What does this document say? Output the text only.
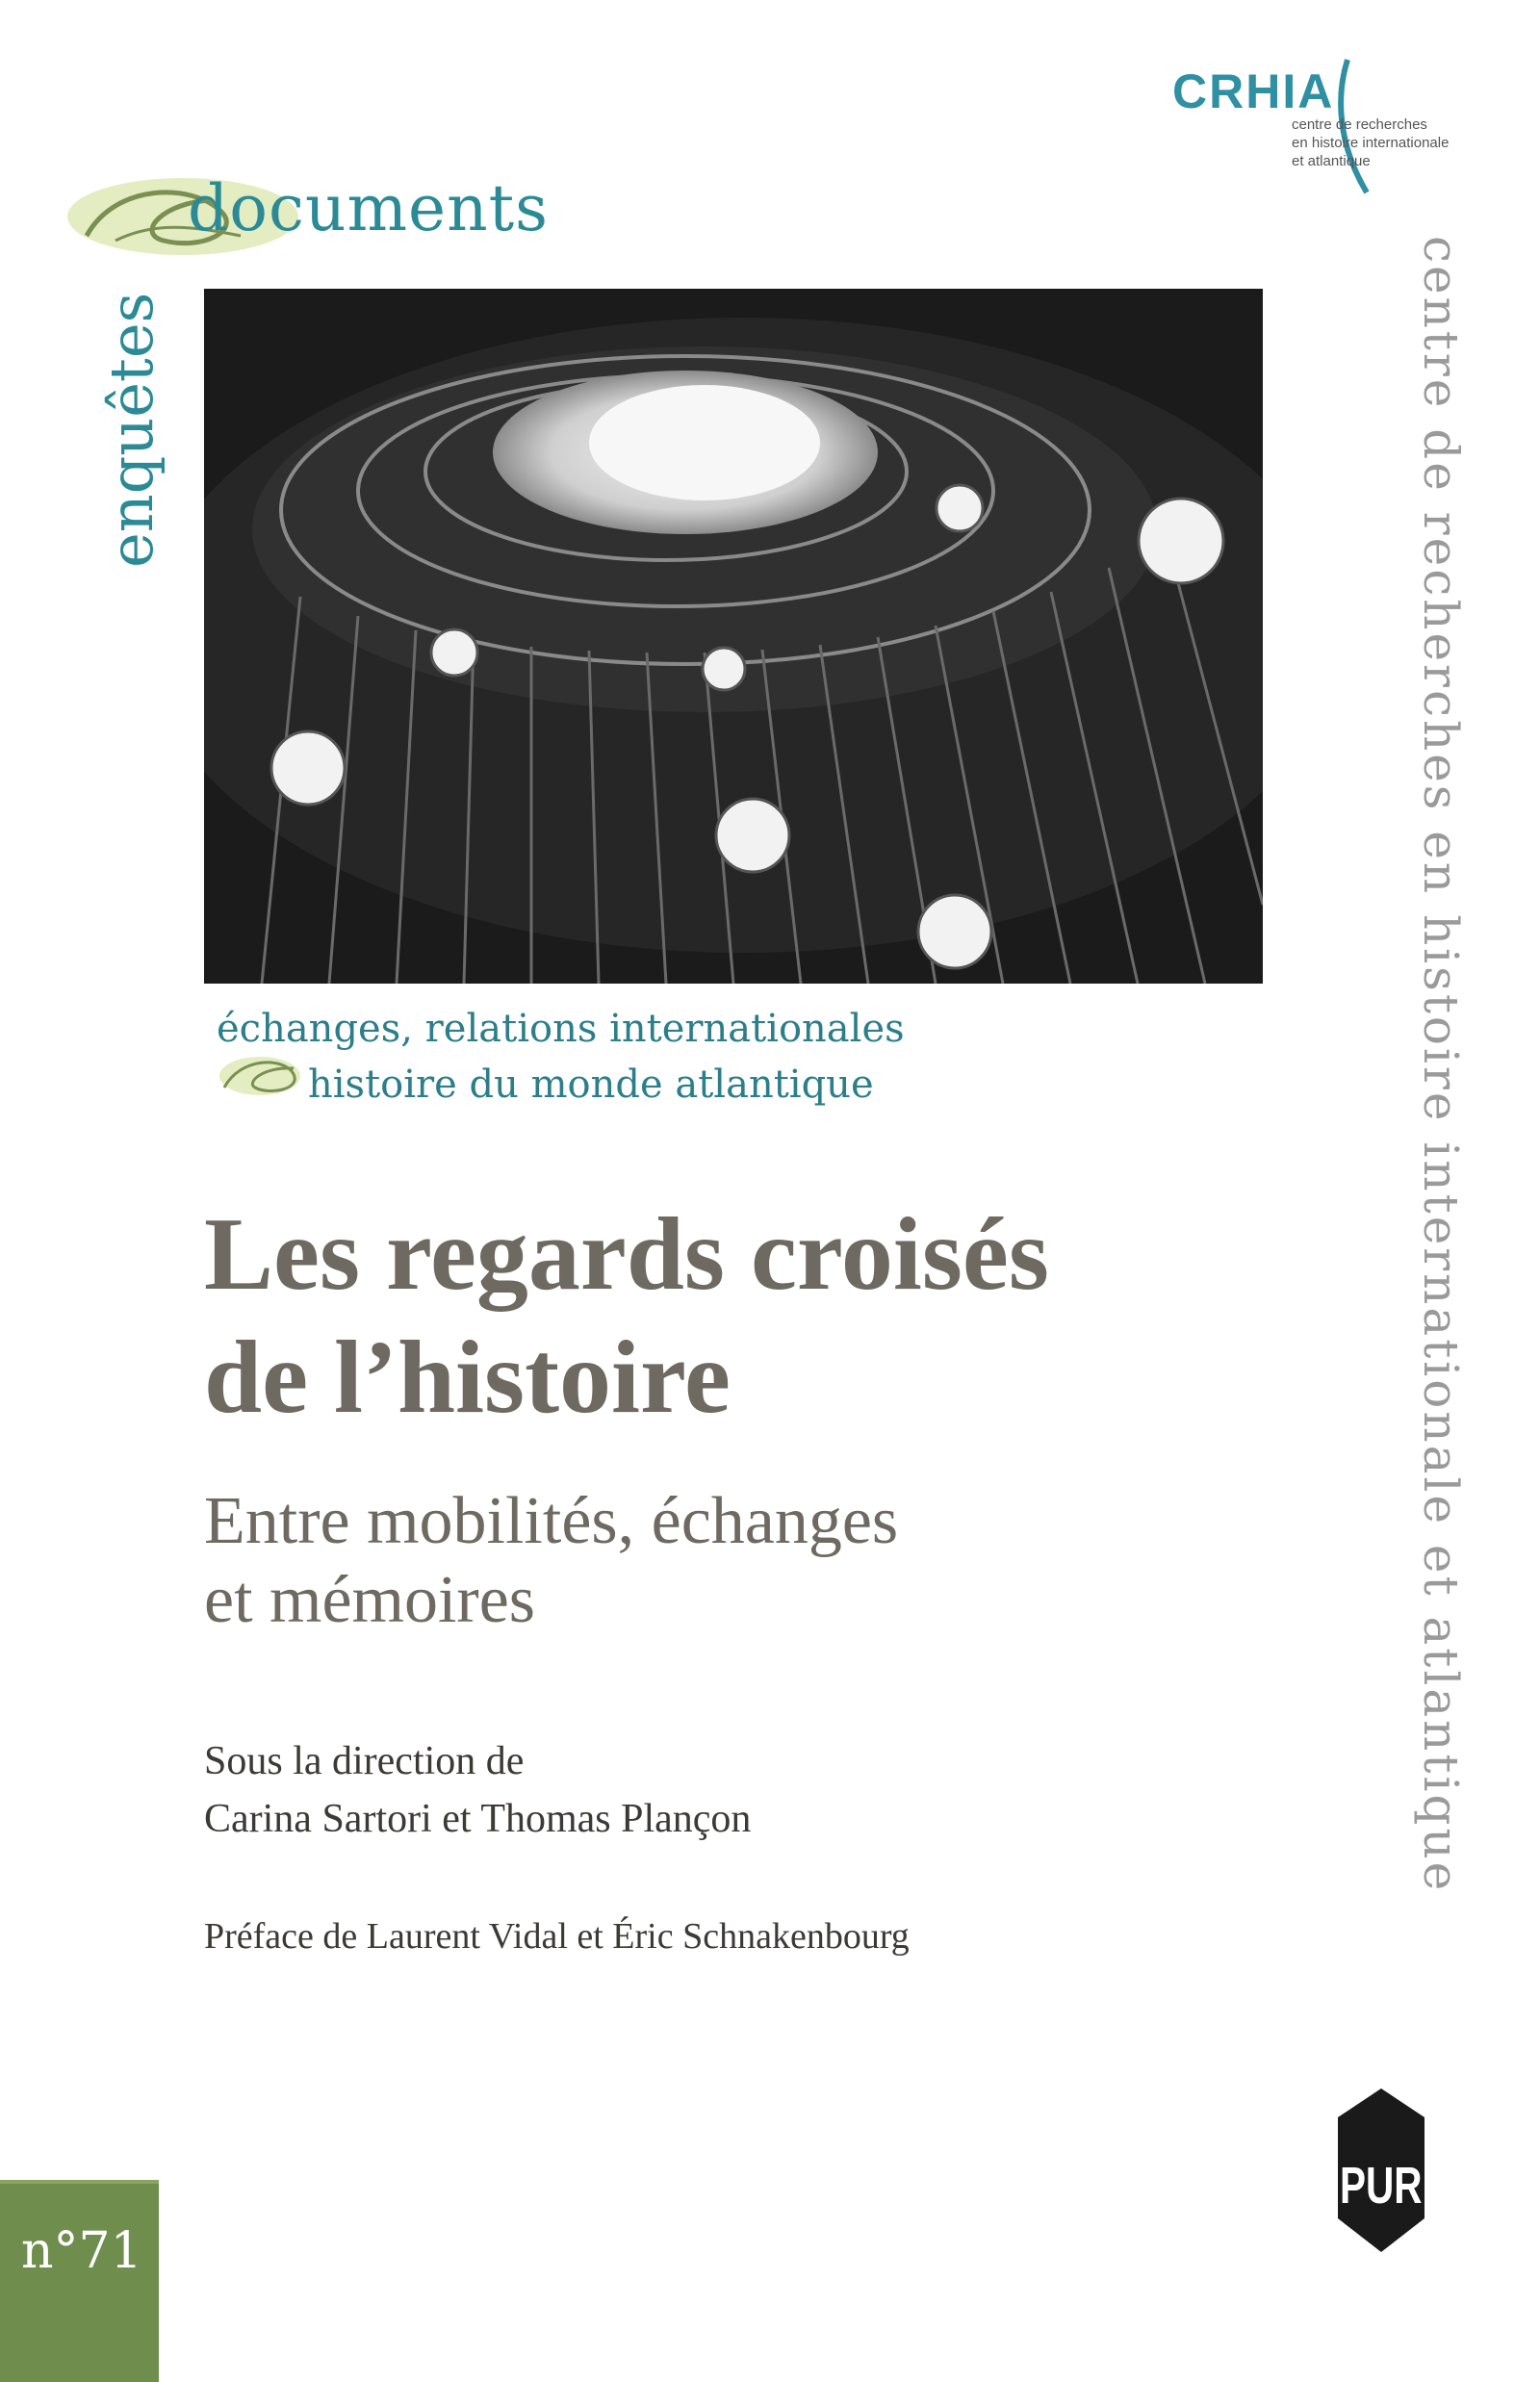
CRHIA
centre de recherches
en histoire internationale
et atlantique
documents
enquêtes	centre de recherches en histoire internationale et atlantique
échanges, relations internationales
histoire du monde atlantique
Les regards croisés
de l’histoire
Entre mobilités, échanges
et mémoires
Sous la direction de
Carina Sartori et Thomas Plançon
Préface de Laurent Vidal et Éric Schnakenbourg
PUR
n°71
